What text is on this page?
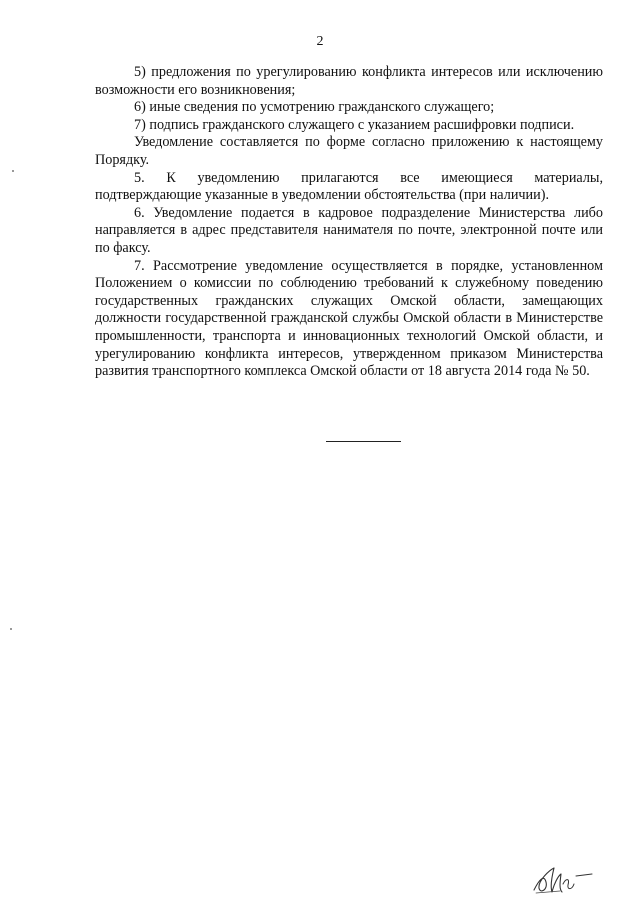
2

5) предложения по урегулированию конфликта интересов или исключению возможности его возникновения;

6) иные сведения по усмотрению гражданского служащего;

7) подпись гражданского служащего с указанием расшифровки подписи.

Уведомление составляется по форме согласно приложению к настоящему Порядку.

5. К уведомлению прилагаются все имеющиеся материалы, подтверждающие указанные в уведомлении обстоятельства (при наличии).

6. Уведомление подается в кадровое подразделение Министерства либо направляется в адрес представителя нанимателя по почте, электронной почте или по факсу.

7. Рассмотрение уведомление осуществляется в порядке, установленном Положением о комиссии по соблюдению требований к служебному поведению государственных гражданских служащих Омской области, замещающих должности государственной гражданской службы Омской области в Министерстве промышленности, транспорта и инновационных технологий Омской области, и урегулированию конфликта интересов, утвержденном приказом Министерства развития транспортного комплекса Омской области от 18 августа 2014 года № 50.
